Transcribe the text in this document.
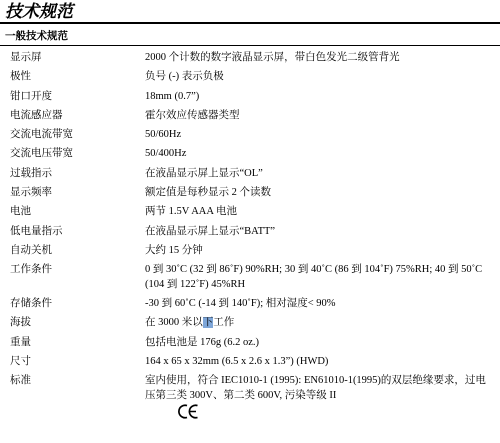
技术规范
一般技术规范
显示屏	2000 个计数的数字液晶显示屏，带白色发光二级管背光
极性	负号 (-) 表示负极
钳口开度	18mm (0.7”)
电流感应器	霍尔效应传感器类型
交流电流带宽	50/60Hz
交流电压带宽	50/400Hz
过载指示	在液晶显示屏上显示“OL”
显示频率	额定值是每秒显示 2 个读数
电池	两节 1.5V AAA 电池
低电量指示	在液晶显示屏上显示“BATT”
自动关机	大约 15 分钟
工作条件	0 到 30˚C (32 到 86˚F) 90%RH; 30 到 40˚C (86 到 104˚F) 75%RH; 40 到 50˚C
(104 到 122˚F) 45%RH
存储条件	-30 到 60˚C (-14 到 140˚F); 相对湿度< 90%
海拔	在 3000 米以下工作
重量	包括电池是 176g (6.2 oz.)
尺寸	164 x 65 x 32mm (6.5 x 2.6 x 1.3”) (HWD)
标准	室内使用，符合 IEC1010-1 (1995): EN61010-1(1995)的双层绝缘要求，过电
压第三类 300V、第二类 600V, 污染等级 II
